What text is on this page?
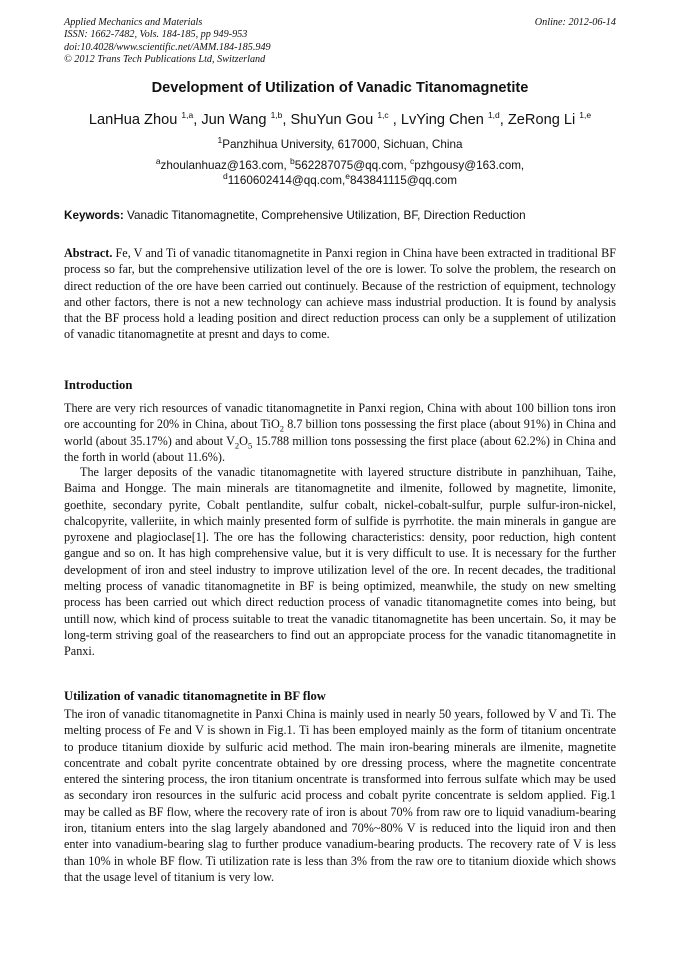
Applied Mechanics and Materials
ISSN: 1662-7482, Vols. 184-185, pp 949-953
doi:10.4028/www.scientific.net/AMM.184-185.949
© 2012 Trans Tech Publications Ltd, Switzerland
Online: 2012-06-14
Development of Utilization of Vanadic Titanomagnetite
LanHua Zhou $^{1,a}$, Jun Wang $^{1,b}$, ShuYun Gou $^{1,c}$ , LvYing Chen $^{1,d}$, ZeRong Li $^{1,e}$
$^1$Panzhihua University, 617000, Sichuan, China
$^a$zhoulanhuaz@163.com, $^b$562287075@qq.com, $^c$pzhgousy@163.com,
$^d$1160602414@qq.com,$^e$843841115@qq.com
Keywords: Vanadic Titanomagnetite, Comprehensive Utilization, BF, Direction Reduction
Abstract. Fe, V and Ti of vanadic titanomagnetite in Panxi region in China have been extracted in traditional BF process so far, but the comprehensive utilization level of the ore is lower. To solve the problem, the research on direct reduction of the ore have been carried out continuely. Because of the restriction of equipment, technology and other factors, there is not a new technology can achieve mass industrial production. It is found by analysis that the BF process hold a leading position and direct reduction process can only be a supplement of utilization of vanadic titanomagnetite at presnt and days to come.
Introduction

There are very rich resources of vanadic titanomagnetite in Panxi region, China with about 100 billion tons iron ore accounting for 20% in China, about TiO$_2$ 8.7 billion tons possessing the first place (about 91%) in China and world (about 35.17%) and about $V_2O_5$ 15.788 million tons possessing the first place (about 62.2%) in China and the forth in world (about 11.6%).

The larger deposits of the vanadic titanomagnetite with layered structure distribute in panzhihuan, Taihe, Baima and Hongge. The main minerals are titanomagnetite and ilmenite, followed by magnetite, limonite, goethite, secondary pyrite, Cobalt pentlandite, sulfur cobalt, nickel-cobalt-sulfur, purple sulfur-iron-nickel, chalcopyrite, valleriite, in which mainly presented form of sulfide is pyrrhotite. the main minerals in gangue are pyroxene and plagioclase[1]. The ore has the following characteristics: density, poor reduction, high content gangue and so on. It has high comprehensive value, but it is very difficult to use. It is necessary for the further development of iron and steel industry to improve utilization level of the ore. In recent decades, the traditional melting process of vanadic titanomagnetite in BF is being optimized, meanwhile, the study on new smelting process has been carried out which direct reduction process of vanadic titanomagnetite comes into being, but untill now, which kind of process suitable to treat the vanadic titanomagnetite has been uncertain. So, it may be long-term striving goal of the reasearchers to find out an appropciate process for the vanadic titanomagnetite in Panxi.

Utilization of vanadic titanomagnetite in BF flow

The iron of vanadic titanomagnetite in Panxi China is mainly used in nearly 50 years, followed by V and Ti. The melting process of Fe and V is shown in Fig.1. Ti has been employed mainly as the form of titanium oncentrate to produce titanium dioxide by sulfuric acid method. The main iron-bearing minerals are ilmenite, magnetite concentrate and cobalt pyrite concentrate obtained by ore dressing process, where the magnetite concentrate entered the sintering process, the iron titanium oncentrate is transformed into ferrous sulfate which may be used as secondary iron resources in the sulfuric acid process and cobalt pyrite concentrate is seldom applied. Fig.1 may be called as BF flow, where the recovery rate of iron is about 70% from raw ore to liquid vanadium-bearing iron, titanium enters into the slag largely abandoned and 70%~80% V is reduced into the liquid iron and then enter into vanadium-bearing slag to further produce vanadium-bearing products. The recovery rate of V is less than 10% in whole BF flow. Ti utilization rate is less than 3% from the raw ore to titanium dioxide which shows that the usage level of titanium is very low.
